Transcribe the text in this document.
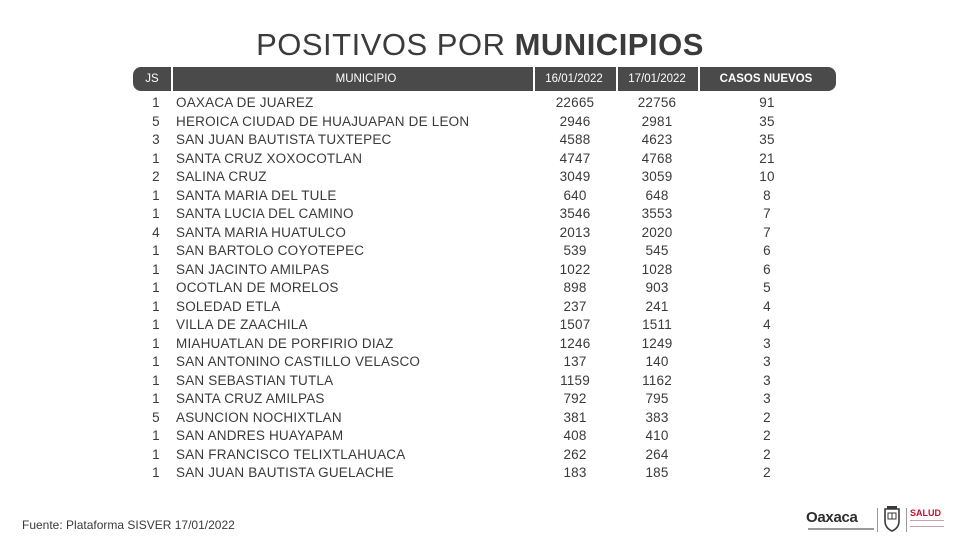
POSITIVOS POR MUNICIPIOS
JS	MUNICIPIO	16/01/2022	17/01/2022	CASOS NUEVOS
1	OAXACA DE JUAREZ	22665	22756	91
5	HEROICA CIUDAD DE HUAJUAPAN DE LEON	2946	2981	35
3	SAN JUAN BAUTISTA TUXTEPEC	4588	4623	35
1	SANTA CRUZ XOXOCOTLAN	4747	4768	21
2	SALINA CRUZ	3049	3059	10
1	SANTA MARIA DEL TULE	640	648	8
1	SANTA LUCIA DEL CAMINO	3546	3553	7
4	SANTA MARIA HUATULCO	2013	2020	7
1	SAN BARTOLO COYOTEPEC	539	545	6
1	SAN JACINTO AMILPAS	1022	1028	6
1	OCOTLAN DE MORELOS	898	903	5
1	SOLEDAD ETLA	237	241	4
1	VILLA DE ZAACHILA	1507	1511	4
1	MIAHUATLAN DE PORFIRIO DIAZ	1246	1249	3
1	SAN ANTONINO CASTILLO VELASCO	137	140	3
1	SAN SEBASTIAN TUTLA	1159	1162	3
1	SANTA CRUZ AMILPAS	792	795	3
5	ASUNCION NOCHIXTLAN	381	383	2
1	SAN ANDRES HUAYAPAM	408	410	2
1	SAN FRANCISCO TELIXTLAHUACA	262	264	2
1	SAN JUAN BAUTISTA GUELACHE	183	185	2
Fuente: Plataforma SISVER 17/01/2022	Oaxaca	SALUD
